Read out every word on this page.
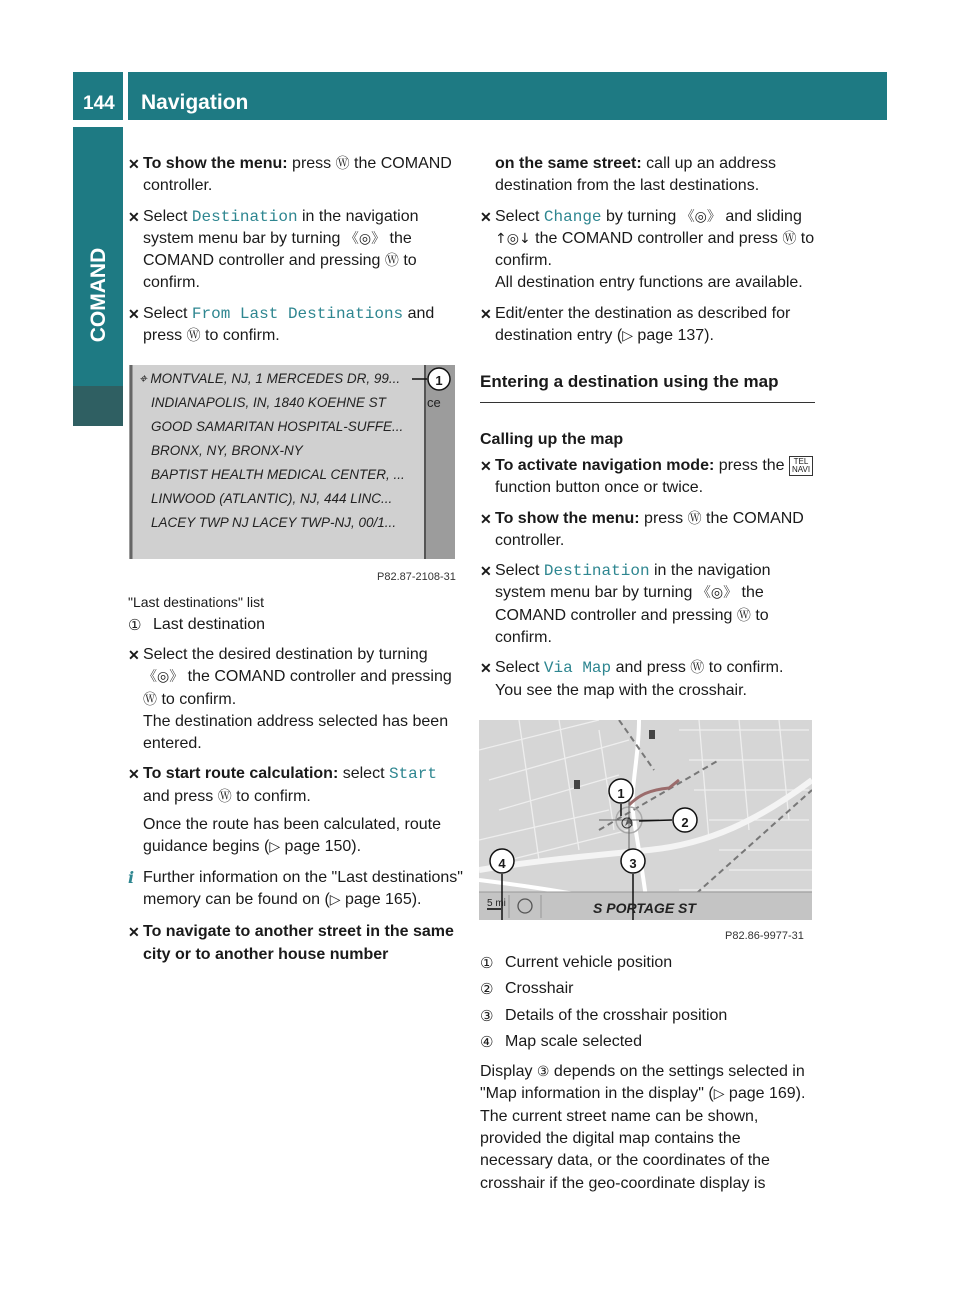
144	Navigation
COMAND
✕ To show the menu: press Ⓦ the COMAND controller.
✕ Select Destination in the navigation system menu bar by turning 《◎》 the COMAND controller and pressing Ⓦ to confirm.
✕ Select From Last Destinations and press Ⓦ to confirm.
⌖ MONTVALE, NJ, 1 MERCEDES DR, 99...
INDIANAPOLIS, IN, 1840 KOEHNE ST
GOOD SAMARITAN HOSPITAL-SUFFE...
BRONX, NY, BRONX-NY
BAPTIST HEALTH MEDICAL CENTER, ...
LINWOOD (ATLANTIC), NJ, 444 LINC...
LACEY TWP NJ LACEY TWP-NJ, 00/1...
ce
1
P82.87-2108-31
"Last destinations" list
① Last destination
✕ Select the desired destination by turning 《◎》 the COMAND controller and pressing Ⓦ to confirm.
The destination address selected has been entered.
✕ To start route calculation: select Start and press Ⓦ to confirm.
Once the route has been calculated, route guidance begins (▷ page 150).
i Further information on the "Last destinations" memory can be found on (▷ page 165).
✕ To navigate to another street in the same city or to another house number
on the same street: call up an address destination from the last destinations.
✕ Select Change by turning 《◎》 and sliding ↑◎↓ the COMAND controller and press Ⓦ to confirm.
All destination entry functions are available.
✕ Edit/enter the destination as described for destination entry (▷ page 137).
Entering a destination using the map
Calling up the map
✕ To activate navigation mode: press the TEL NAVI function button once or twice.
✕ To show the menu: press Ⓦ the COMAND controller.
✕ Select Destination in the navigation system menu bar by turning 《◎》 the COMAND controller and pressing Ⓦ to confirm.
✕ Select Via Map and press Ⓦ to confirm.
You see the map with the crosshair.
1
2
3
4
5 mi	S PORTAGE ST
P82.86-9977-31
① Current vehicle position
② Crosshair
③ Details of the crosshair position
④ Map scale selected
Display ③ depends on the settings selected in "Map information in the display" (▷ page 169). The current street name can be shown, provided the digital map contains the necessary data, or the coordinates of the crosshair if the geo-coordinate display is
